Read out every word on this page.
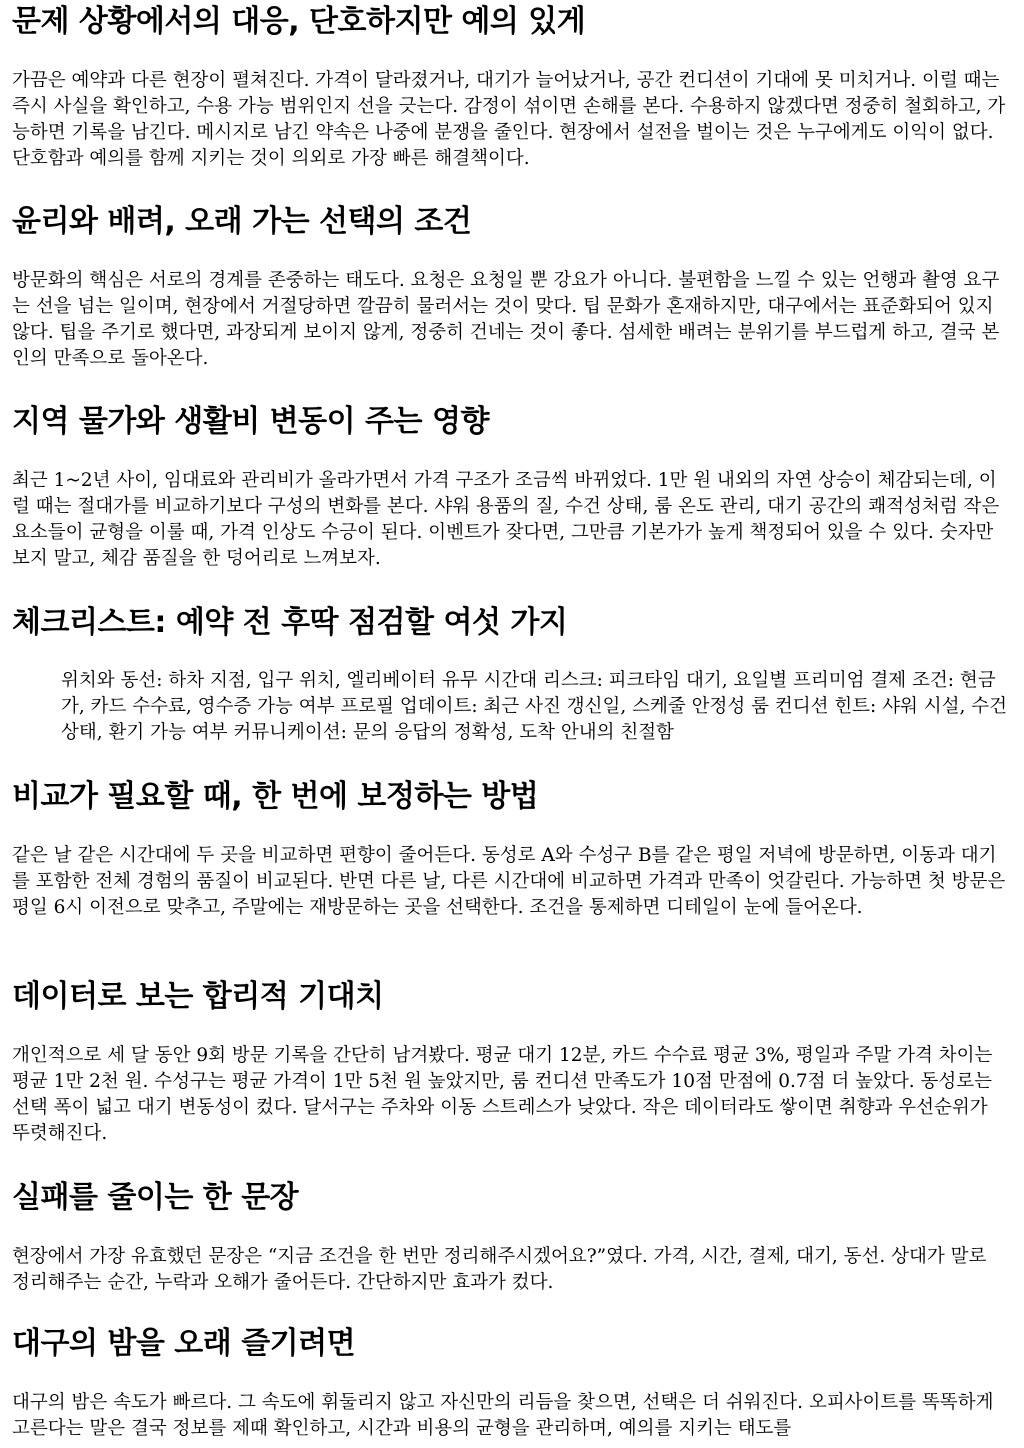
문제 상황에서의 대응, 단호하지만 예의 있게

가끔은 예약과 다른 현장이 펼쳐진다. 가격이 달라졌거나, 대기가 늘어났거나, 공간 컨디션이 기대에 못 미치거나. 이럴 때는 즉시 사실을 확인하고, 수용 가능 범위인지 선을 긋는다. 감정이 섞이면 손해를 본다. 수용하지 않겠다면 정중히 철회하고, 가능하면 기록을 남긴다. 메시지로 남긴 약속은 나중에 분쟁을 줄인다. 현장에서 설전을 벌이는 것은 누구에게도 이익이 없다. 단호함과 예의를 함께 지키는 것이 의외로 가장 빠른 해결책이다.

윤리와 배려, 오래 가는 선택의 조건

방문화의 핵심은 서로의 경계를 존중하는 태도다. 요청은 요청일 뿐 강요가 아니다. 불편함을 느낄 수 있는 언행과 촬영 요구는 선을 넘는 일이며, 현장에서 거절당하면 깔끔히 물러서는 것이 맞다. 팁 문화가 혼재하지만, 대구에서는 표준화되어 있지 않다. 팁을 주기로 했다면, 과장되게 보이지 않게, 정중히 건네는 것이 좋다. 섬세한 배려는 분위기를 부드럽게 하고, 결국 본인의 만족으로 돌아온다.

지역 물가와 생활비 변동이 주는 영향

최근 1~2년 사이, 임대료와 관리비가 올라가면서 가격 구조가 조금씩 바뀌었다. 1만 원 내외의 자연 상승이 체감되는데, 이럴 때는 절대가를 비교하기보다 구성의 변화를 본다. 샤워 용품의 질, 수건 상태, 룸 온도 관리, 대기 공간의 쾌적성처럼 작은 요소들이 균형을 이룰 때, 가격 인상도 수긍이 된다. 이벤트가 잦다면, 그만큼 기본가가 높게 책정되어 있을 수 있다. 숫자만 보지 말고, 체감 품질을 한 덩어리로 느껴보자.

체크리스트: 예약 전 후딱 점검할 여섯 가지
위치와 동선: 하차 지점, 입구 위치, 엘리베이터 유무 시간대 리스크: 피크타임 대기, 요일별 프리미엄 결제 조건: 현금가, 카드 수수료, 영수증 가능 여부 프로필 업데이트: 최근 사진 갱신일, 스케줄 안정성 룸 컨디션 힌트: 샤워 시설, 수건 상태, 환기 가능 여부 커뮤니케이션: 문의 응답의 정확성, 도착 안내의 친절함
비교가 필요할 때, 한 번에 보정하는 방법

같은 날 같은 시간대에 두 곳을 비교하면 편향이 줄어든다. 동성로 A와 수성구 B를 같은 평일 저녁에 방문하면, 이동과 대기를 포함한 전체 경험의 품질이 비교된다. 반면 다른 날, 다른 시간대에 비교하면 가격과 만족이 엇갈린다. 가능하면 첫 방문은 평일 6시 이전으로 맞추고, 주말에는 재방문하는 곳을 선택한다. 조건을 통제하면 디테일이 눈에 들어온다.

데이터로 보는 합리적 기대치

개인적으로 세 달 동안 9회 방문 기록을 간단히 남겨봤다. 평균 대기 12분, 카드 수수료 평균 3%, 평일과 주말 가격 차이는 평균 1만 2천 원. 수성구는 평균 가격이 1만 5천 원 높았지만, 룸 컨디션 만족도가 10점 만점에 0.7점 더 높았다. 동성로는 선택 폭이 넓고 대기 변동성이 컸다. 달서구는 주차와 이동 스트레스가 낮았다. 작은 데이터라도 쌓이면 취향과 우선순위가 뚜렷해진다.

실패를 줄이는 한 문장

현장에서 가장 유효했던 문장은 “지금 조건을 한 번만 정리해주시겠어요?”였다. 가격, 시간, 결제, 대기, 동선. 상대가 말로 정리해주는 순간, 누락과 오해가 줄어든다. 간단하지만 효과가 컸다.

대구의 밤을 오래 즐기려면

대구의 밤은 속도가 빠르다. 그 속도에 휘둘리지 않고 자신만의 리듬을 찾으면, 선택은 더 쉬워진다. 오피사이트를 똑똑하게 고른다는 말은 결국 정보를 제때 확인하고, 시간과 비용의 균형을 관리하며, 예의를 지키는 태도를
